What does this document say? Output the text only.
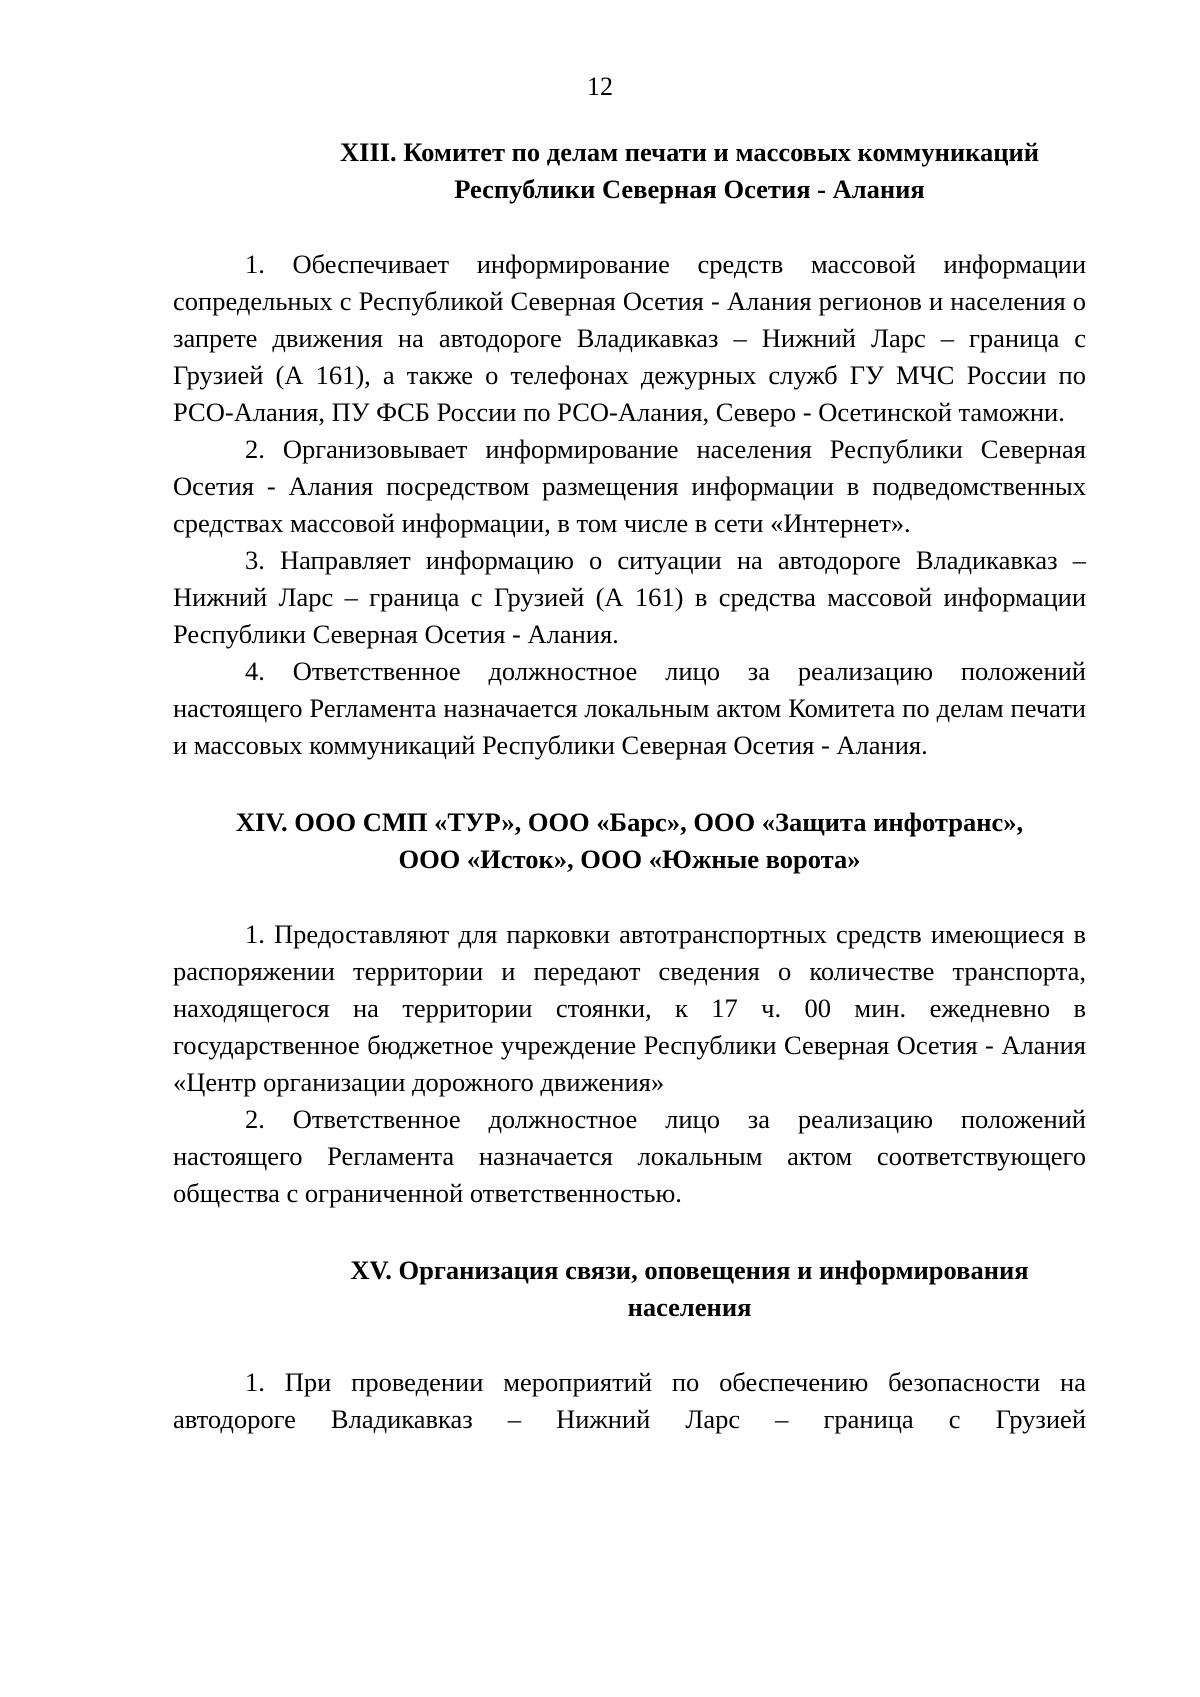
12
XIII. Комитет по делам печати и массовых коммуникаций
Республики Северная Осетия - Алания

1. Обеспечивает информирование средств массовой информации сопредельных с Республикой Северная Осетия - Алания регионов и населения о запрете движения на автодороге Владикавказ – Нижний Ларс – граница с Грузией (А 161), а также о телефонах дежурных служб ГУ МЧС России по РСО-Алания, ПУ ФСБ России по РСО-Алания, Северо - Осетинской таможни.

2. Организовывает информирование населения Республики Северная Осетия - Алания посредством размещения информации в подведомственных средствах массовой информации, в том числе в сети «Интернет».

3. Направляет информацию о ситуации на автодороге Владикавказ – Нижний Ларс – граница с Грузией (А 161) в средства массовой информации Республики Северная Осетия - Алания.

4. Ответственное должностное лицо за реализацию положений настоящего Регламента назначается локальным актом Комитета по делам печати и массовых коммуникаций Республики Северная Осетия - Алания.

XIV. ООО СМП «ТУР», ООО «Барс», ООО «Защита инфотранс»,
ООО «Исток», ООО «Южные ворота»

1. Предоставляют для парковки автотранспортных средств имеющиеся в распоряжении территории и передают сведения о количестве транспорта, находящегося на территории стоянки, к 17 ч. 00 мин. ежедневно в государственное бюджетное учреждение Республики Северная Осетия - Алания «Центр организации дорожного движения»

2. Ответственное должностное лицо за реализацию положений настоящего Регламента назначается локальным актом соответствующего общества с ограниченной ответственностью.

XV. Организация связи, оповещения и информирования
населения

1. При проведении мероприятий по обеспечению безопасности на автодороге Владикавказ – Нижний Ларс – граница с Грузией
